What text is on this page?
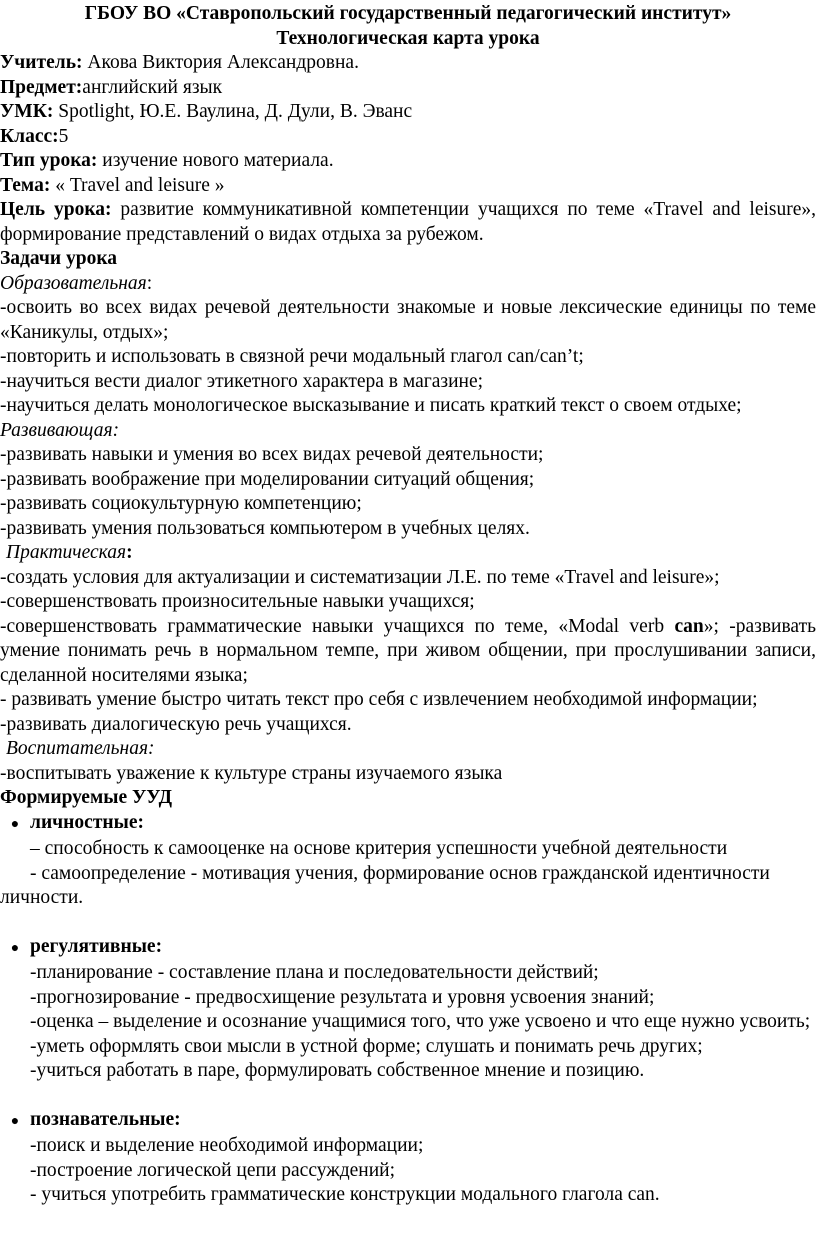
ГБОУ ВО «Ставропольский государственный педагогический институт»

Технологическая карта урока

Учитель: Акова Виктория Александровна.

Предмет:английский язык

УМК: Spotlight, Ю.Е. Ваулина, Д. Дули, В. Эванс

Класс:5

Тип урока: изучение нового материала.

Тема: « Travel and leisure »

Цель урока: развитие коммуникативной компетенции учащихся по теме «Travel and leisure», формирование представлений о видах отдыха за рубежом.

Задачи урока

Образовательная:

-освоить во всех видах речевой деятельности знакомые и новые лексические единицы по теме «Каникулы, отдых»;

-повторить и использовать в связной речи модальный глагол can/can’t;

-научиться вести диалог этикетного характера в магазине;

-научиться делать монологическое высказывание и писать краткий текст о своем отдыхе;

Развивающая:

-развивать навыки и умения во всех видах речевой деятельности;

-развивать воображение при моделировании ситуаций общения;

-развивать социокультурную компетенцию;

-развивать умения пользоваться компьютером в учебных целях.

Практическая:

-создать условия для актуализации и систематизации Л.Е. по теме «Travel and leisure»;

-совершенствовать произносительные навыки учащихся;

-совершенствовать грамматические навыки учащихся по теме, «Modal verb can»; -развивать умение понимать речь в нормальном темпе, при живом общении, при прослушивании записи, сделанной носителями языка;

- развивать умение быстро читать текст про себя с извлечением необходимой информации;

-развивать диалогическую речь учащихся.

Воспитательная:

-воспитывать уважение к культуре страны изучаемого языка

Формируемые УУД

● личностные:

– способность к самооценке на основе критерия успешности учебной деятельности

- самоопределение - мотивация учения, формирование основ гражданской идентичности личности.

● регулятивные:

-планирование - составление плана и последовательности действий;

-прогнозирование - предвосхищение результата и уровня усвоения знаний;

-оценка – выделение и осознание учащимися того, что уже усвоено и что еще нужно усвоить;

-уметь оформлять свои мысли в устной форме; слушать и понимать речь других;

-учиться работать в паре, формулировать собственное мнение и позицию.

● познавательные:

-поиск и выделение необходимой информации;

-построение логической цепи рассуждений;

- учиться употребить грамматические конструкции модального глагола can.
